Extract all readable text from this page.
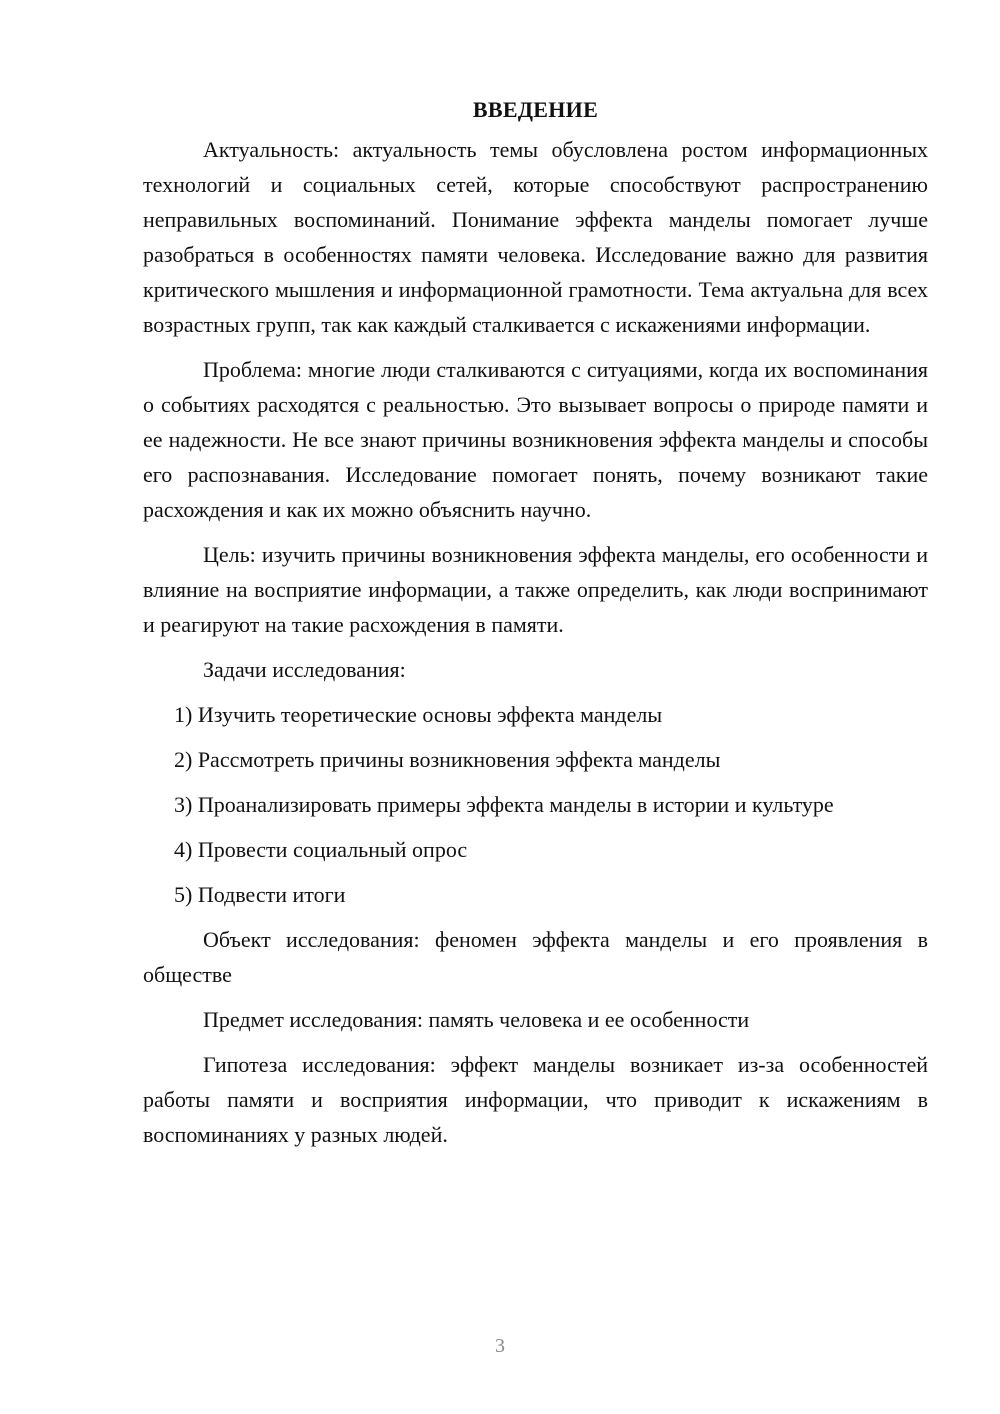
ВВЕДЕНИЕ

Актуальность: актуальность темы обусловлена ростом информационных технологий и социальных сетей, которые способствуют распространению неправильных воспоминаний. Понимание эффекта манделы помогает лучше разобраться в особенностях памяти человека. Исследование важно для развития критического мышления и информационной грамотности. Тема актуальна для всех возрастных групп, так как каждый сталкивается с искажениями информации.

Проблема: многие люди сталкиваются с ситуациями, когда их воспоминания о событиях расходятся с реальностью. Это вызывает вопросы о природе памяти и ее надежности. Не все знают причины возникновения эффекта манделы и способы его распознавания. Исследование помогает понять, почему возникают такие расхождения и как их можно объяснить научно.

Цель: изучить причины возникновения эффекта манделы, его особенности и влияние на восприятие информации, а также определить, как люди воспринимают и реагируют на такие расхождения в памяти.

Задачи исследования:

1) Изучить теоретические основы эффекта манделы
2) Рассмотреть причины возникновения эффекта манделы
3) Проанализировать примеры эффекта манделы в истории и культуре
4) Провести социальный опрос
5) Подвести итоги

Объект исследования: феномен эффекта манделы и его проявления в обществе

Предмет исследования: память человека и ее особенности

Гипотеза исследования: эффект манделы возникает из-за особенностей работы памяти и восприятия информации, что приводит к искажениям в воспоминаниях у разных людей.

3
